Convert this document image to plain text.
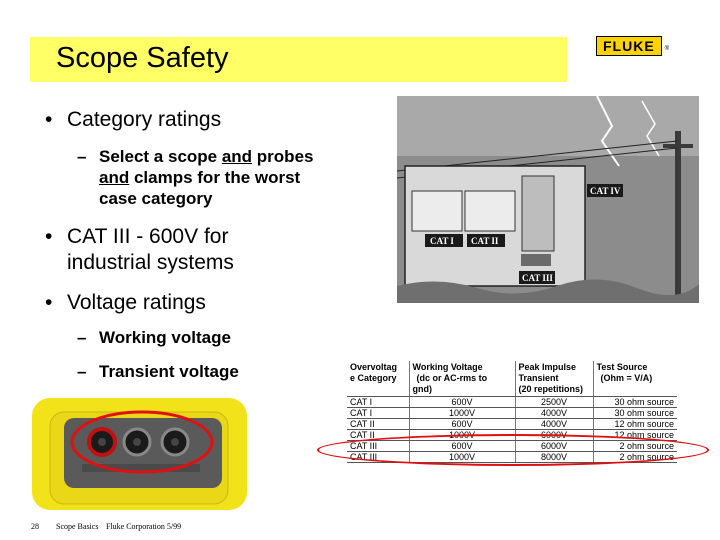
Scope Safety	FLUKE	®
• Category ratings
– Select a scope and probes
and clamps for the worst
case category
• CAT III - 600V for
industrial systems
• Voltage ratings
– Working voltage
– Transient voltage
CAT I CAT II
CAT IV
CAT III
Overvoltag
e Category	Working Voltage
(dc or AC-rms to
gnd)	Peak Impulse
Transient
(20 repetitions)	Test Source
(Ohm = V/A)
CAT I	600V	2500V	30 ohm source
CAT I	1000V	4000V	30 ohm source
CAT II	600V	4000V	12 ohm source
CAT II	1000V	6000V	12 ohm source
CAT III	600V	6000V	2 ohm source
CAT III	1000V	8000V	2 ohm source
28 Scope Basics Fluke Corporation 5/99
